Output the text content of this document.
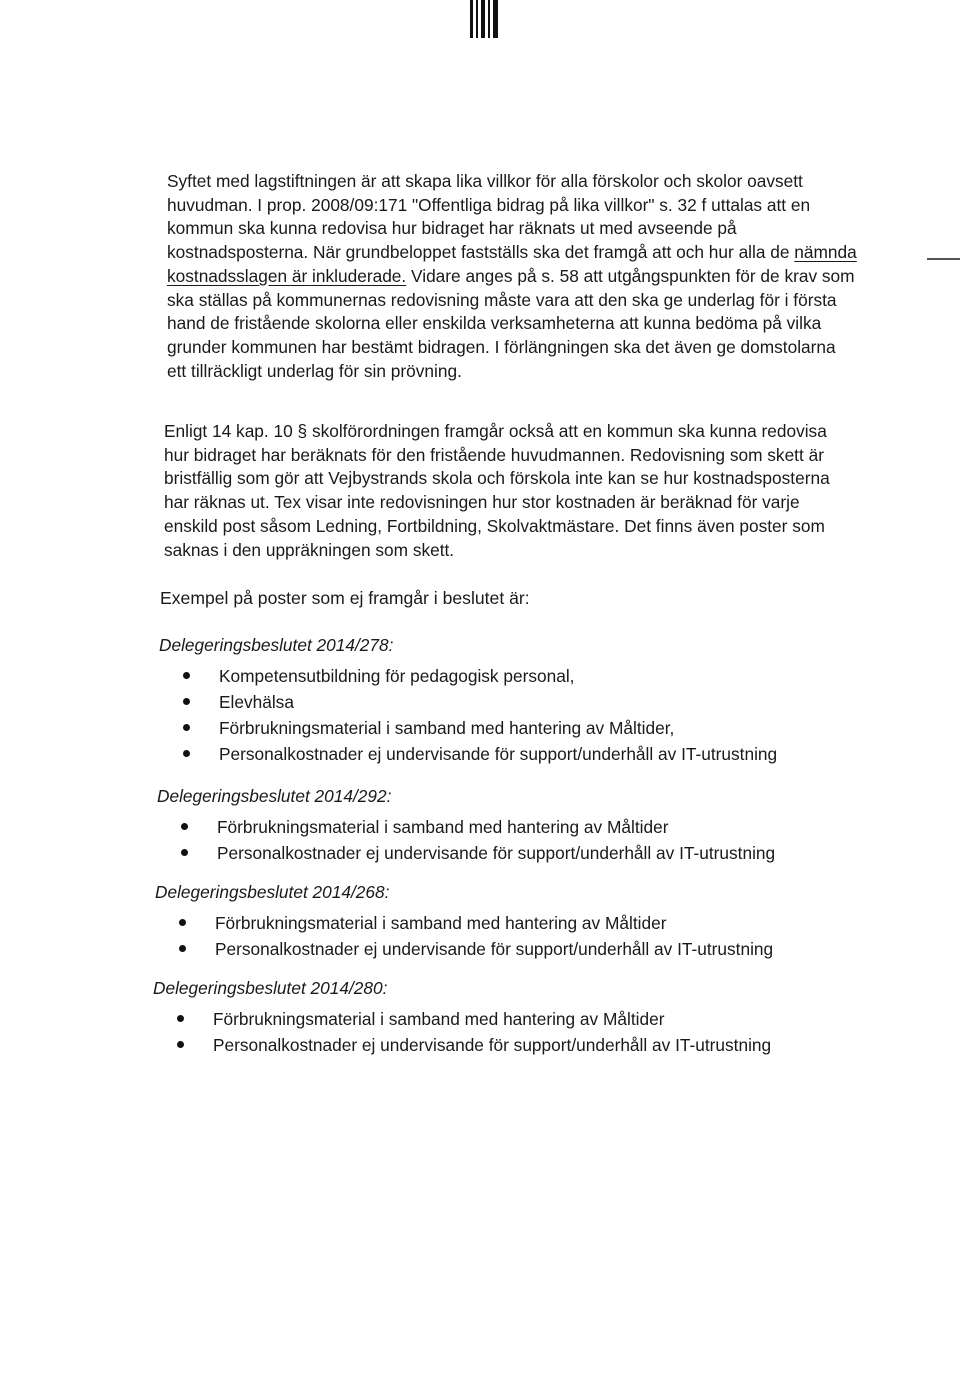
Syftet med lagstiftningen är att skapa lika villkor för alla förskolor och skolor oavsett huvudman. I prop. 2008/09:171 "Offentliga bidrag på lika villkor" s. 32 f uttalas att en kommun ska kunna redovisa hur bidraget har räknats ut med avseende på kostnadsposterna. När grundbeloppet fastställs ska det framgå att och hur alla de nämnda kostnadsslagen är inkluderade. Vidare anges på s. 58 att utgångspunkten för de krav som ska ställas på kommunernas redovisning måste vara att den ska ge underlag för i första hand de fristående skolorna eller enskilda verksamheterna att kunna bedöma på vilka grunder kommunen har bestämt bidragen. I förlängningen ska det även ge domstolarna ett tillräckligt underlag för sin prövning.

Enligt 14 kap. 10 § skolförordningen framgår också att en kommun ska kunna redovisa hur bidraget har beräknats för den fristående huvudmannen. Redovisning som skett är bristfällig som gör att Vejbystrands skola och förskola inte kan se hur kostnadsposterna har räknas ut. Tex visar inte redovisningen hur stor kostnaden är beräknad för varje enskild post såsom Ledning, Fortbildning, Skolvaktmästare. Det finns även poster som saknas i den uppräkningen som skett.

Exempel på poster som ej framgår i beslutet är:

Delegeringsbeslutet 2014/278:

Kompetensutbildning för pedagogisk personal,
Elevhälsa
Förbrukningsmaterial i samband med hantering av Måltider,
Personalkostnader ej undervisande för support/underhåll av IT-utrustning

Delegeringsbeslutet 2014/292:

Förbrukningsmaterial i samband med hantering av Måltider
Personalkostnader ej undervisande för support/underhåll av IT-utrustning

Delegeringsbeslutet 2014/268:

Förbrukningsmaterial i samband med hantering av Måltider
Personalkostnader ej undervisande för support/underhåll av IT-utrustning

Delegeringsbeslutet 2014/280:

Förbrukningsmaterial i samband med hantering av Måltider
Personalkostnader ej undervisande för support/underhåll av IT-utrustning
